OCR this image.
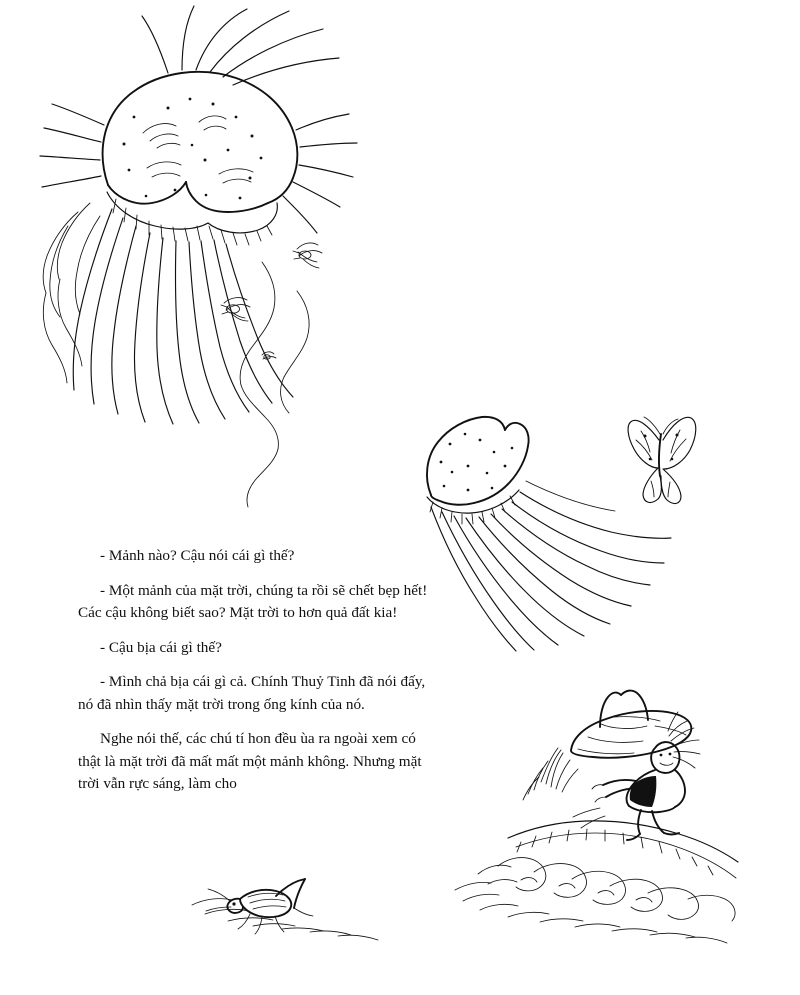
- Mảnh nào? Cậu nói cái gì thế?

- Một mảnh của mặt trời, chúng ta rồi sẽ chết bẹp hết! Các cậu không biết sao? Mặt trời to hơn quả đất kia!

- Cậu bịa cái gì thế?

- Mình chả bịa cái gì cả. Chính Thuỷ Tinh đã nói đấy, nó đã nhìn thấy mặt trời trong ống kính của nó.

Nghe nói thế, các chú tí hon đều ùa ra ngoài xem có thật là mặt trời đã mất mất một mảnh không. Nhưng mặt trời vẫn rực sáng, làm cho
